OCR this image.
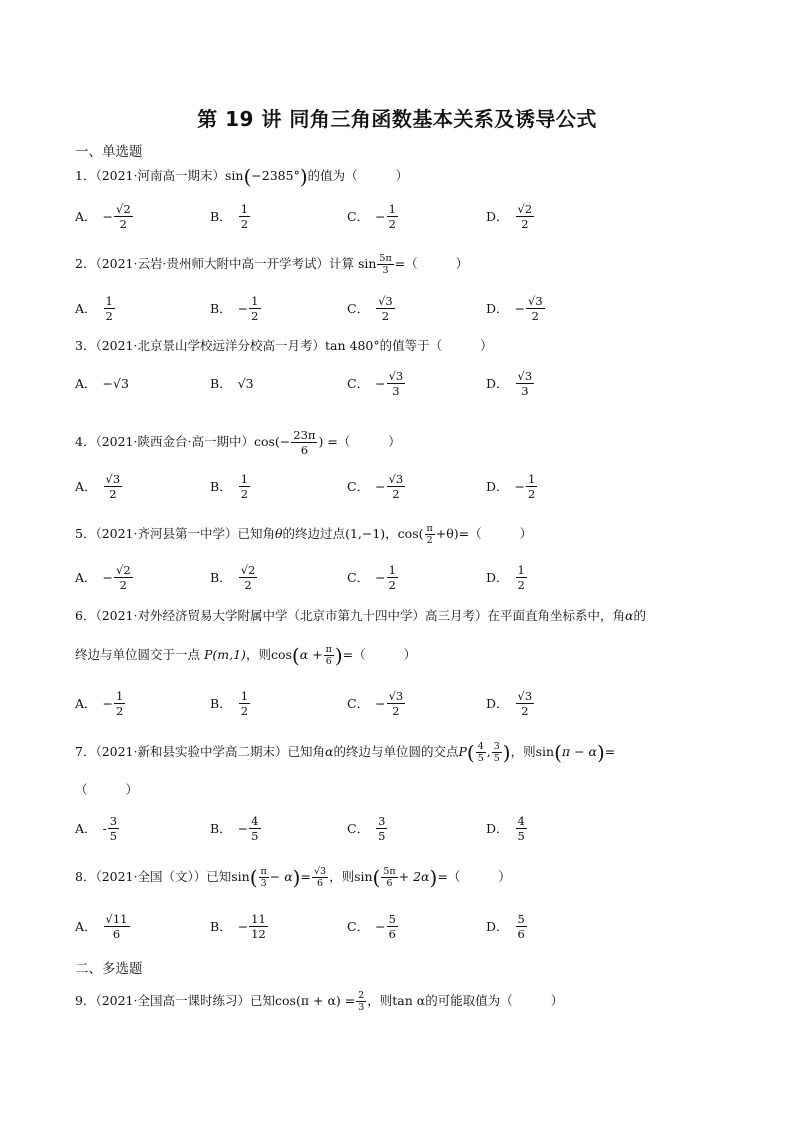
第 19 讲 同角三角函数基本关系及诱导公式
一、单选题
1．（2021·河南高一期末）sin(−2385°)的值为（	）
A． − $\frac{√2}{2}$	B． $\frac{1}{2}$	C． − $\frac{1}{2}$	D． $\frac{√2}{2}$
2．（2021·云岩·贵州师大附中高一开学考试）计算 $\sin \frac{5\pi}{3}$ =（	）
A． $\frac{1}{2}$	B． − $\frac{1}{2}$	C． $\frac{√3}{2}$	D． − $\frac{√3}{2}$
3．（2021·北京景山学校远洋分校高一月考）tan 480°的值等于（	）
A． −√3	B． √3	C． − $\frac{√3}{3}$	D． $\frac{√3}{3}$
4．（2021·陕西金台·高一期中）$\cos(- \frac{23\pi}{6}$ ) =（	）
A． $\frac{√3}{2}$	B． $\frac{1}{2}$	C． − $\frac{√3}{2}$	D． − $\frac{1}{2}$
5．（2021·齐河县第一中学）已知角θ的终边过点(1,−1)，$\cos( \frac{\pi}{2} +\theta)=$（	）
A． − $\frac{√2}{2}$	B． $\frac{√2}{2}$	C． − $\frac{1}{2}$	D． $\frac{1}{2}$
6．（2021·对外经济贸易大学附属中学（北京市第九十四中学）高三月考）在平面直角坐标系中，角α的
终边与单位圆交于一点 P(m,1)，则$\cos(\alpha + \frac{\pi}{6}$ )=（	）
A． − $\frac{1}{2}$	B． $\frac{1}{2}$	C． − $\frac{√3}{2}$	D． $\frac{√3}{2}$
7．（2021·新和县实验中学高二期末）已知角α的终边与单位圆的交点$P( \frac{4}{5}$ , $\frac{3}{5}$ )，则sin(π − α)=
（	）
A． - $\frac{3}{5}$	B． − $\frac{4}{5}$	C． $\frac{3}{5}$	D． $\frac{4}{5}$
8．（2021·全国（文））已知$\sin( \frac{\pi}{3} - \alpha)= \frac{√3}{6}$ ，则$\sin( \frac{5\pi}{6} + 2\alpha)=$（	）
A． $\frac{√11}{6}$	B． − $\frac{11}{12}$	C． − $\frac{5}{6}$	D． $\frac{5}{6}$
二、多选题
9．（2021·全国高一课时练习）已知$\cos(\pi + \alpha) = \frac{2}{3}$ ，则tan α的可能取值为（	）
